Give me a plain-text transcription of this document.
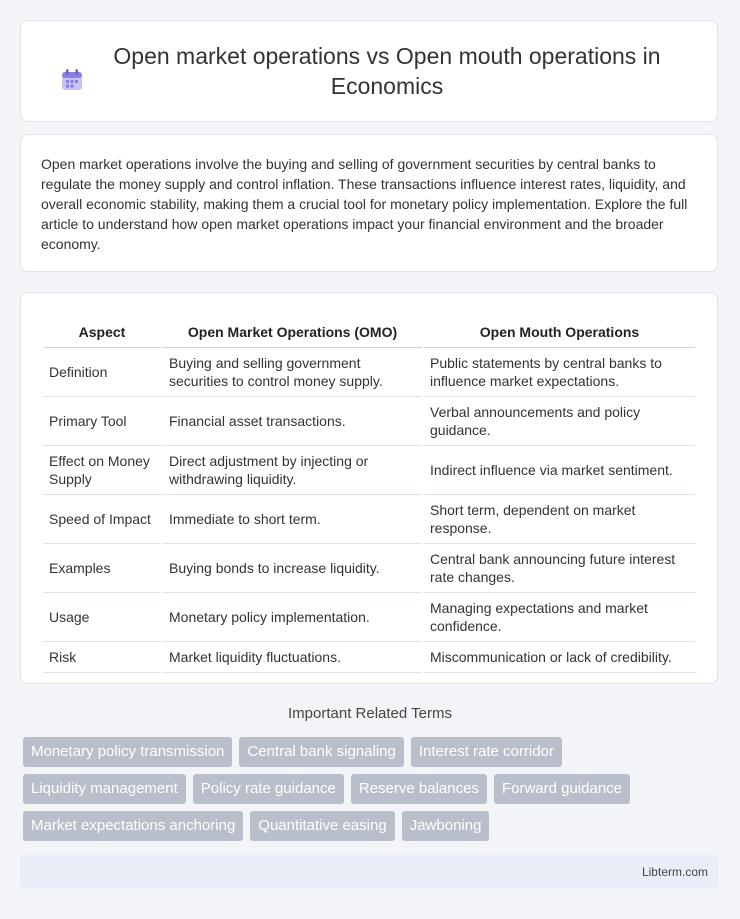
Open market operations vs Open mouth operations in Economics

Open market operations involve the buying and selling of government securities by central banks to regulate the money supply and control inflation. These transactions influence interest rates, liquidity, and overall economic stability, making them a crucial tool for monetary policy implementation. Explore the full article to understand how open market operations impact your financial environment and the broader economy.

Aspect	Open Market Operations (OMO)	Open Mouth Operations
Definition	Buying and selling government securities to control money supply.	Public statements by central banks to influence market expectations.
Primary Tool	Financial asset transactions.	Verbal announcements and policy guidance.
Effect on Money Supply	Direct adjustment by injecting or withdrawing liquidity.	Indirect influence via market sentiment.
Speed of Impact	Immediate to short term.	Short term, dependent on market response.
Examples	Buying bonds to increase liquidity.	Central bank announcing future interest rate changes.
Usage	Monetary policy implementation.	Managing expectations and market confidence.
Risk	Market liquidity fluctuations.	Miscommunication or lack of credibility.
Important Related Terms
Monetary policy transmission	Central bank signaling	Interest rate corridor
Liquidity management	Policy rate guidance	Reserve balances	Forward guidance
Market expectations anchoring	Quantitative easing	Jawboning
Libterm.com
